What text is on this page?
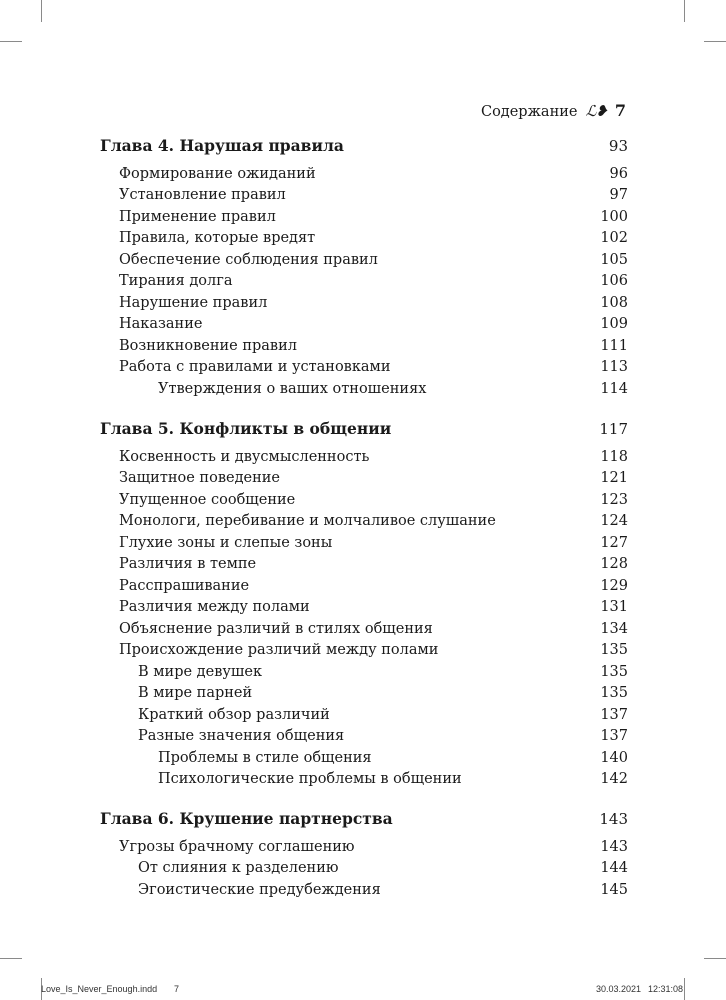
Содержание ℒ❥ 7
Глава 4. Нарушая правила	93
Формирование ожиданий	96
Установление правил	97
Применение правил	100
Правила, которые вредят	102
Обеспечение соблюдения правил	105
Тирания долга	106
Нарушение правил	108
Наказание	109
Возникновение правил	111
Работа с правилами и установками	113
Утверждения о ваших отношениях	114
Глава 5. Конфликты в общении	117
Косвенность и двусмысленность	118
Защитное поведение	121
Упущенное сообщение	123
Монологи, перебивание и молчаливое слушание	124
Глухие зоны и слепые зоны	127
Различия в темпе	128
Расспрашивание	129
Различия между полами	131
Объяснение различий в стилях общения	134
Происхождение различий между полами	135
В мире девушек	135
В мире парней	135
Краткий обзор различий	137
Разные значения общения	137
Проблемы в стиле общения	140
Психологические проблемы в общении	142
Глава 6. Крушение партнерства	143
Угрозы брачному соглашению	143
От слияния к разделению	144
Эгоистические предубеждения	145
Love_Is_Never_Enough.indd 7	30.03.2021 12:31:08
